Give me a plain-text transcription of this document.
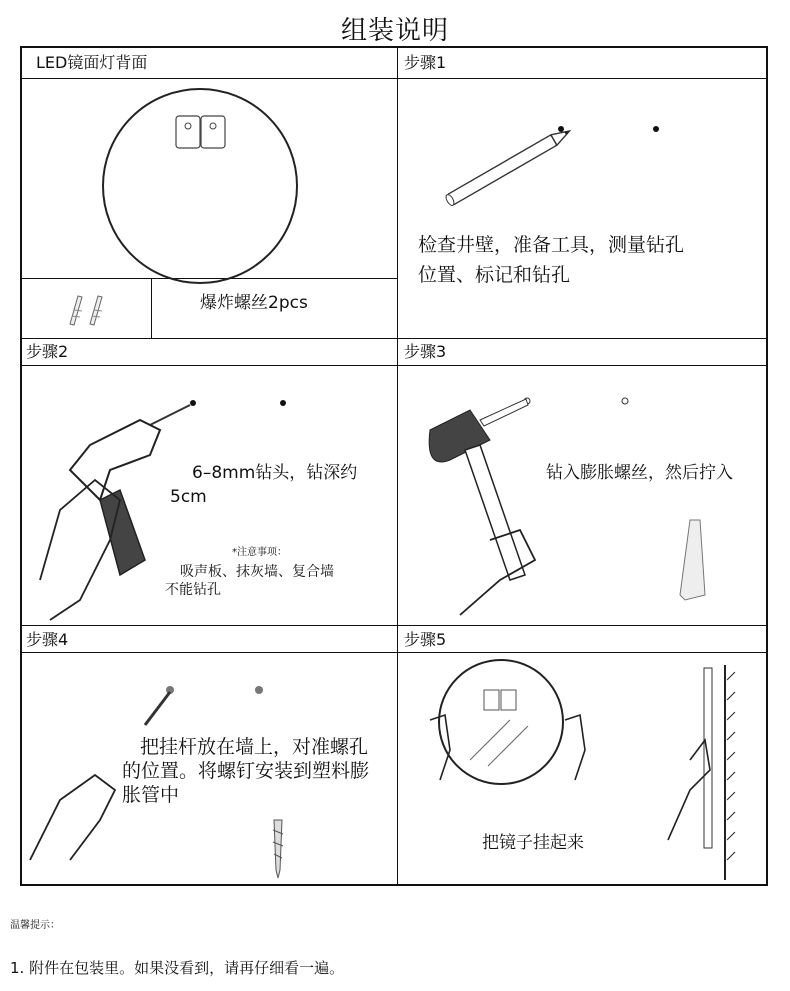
组装说明
LED镜面灯背面
爆炸螺丝2pcs
步骤1
检查井壁，准备工具，测量钻孔
位置、标记和钻孔
步骤2
6–8mm钻头，钻深约
5cm
*注意事项：
吸声板、抹灰墙、复合墙
不能钻孔
步骤3
钻入膨胀螺丝，然后拧入
步骤4
把挂杆放在墙上，对准螺孔
的位置。将螺钉安装到塑料膨
胀管中
步骤5
把镜子挂起来
温馨提示：
1. 附件在包装里。如果没看到，请再仔细看一遍。
